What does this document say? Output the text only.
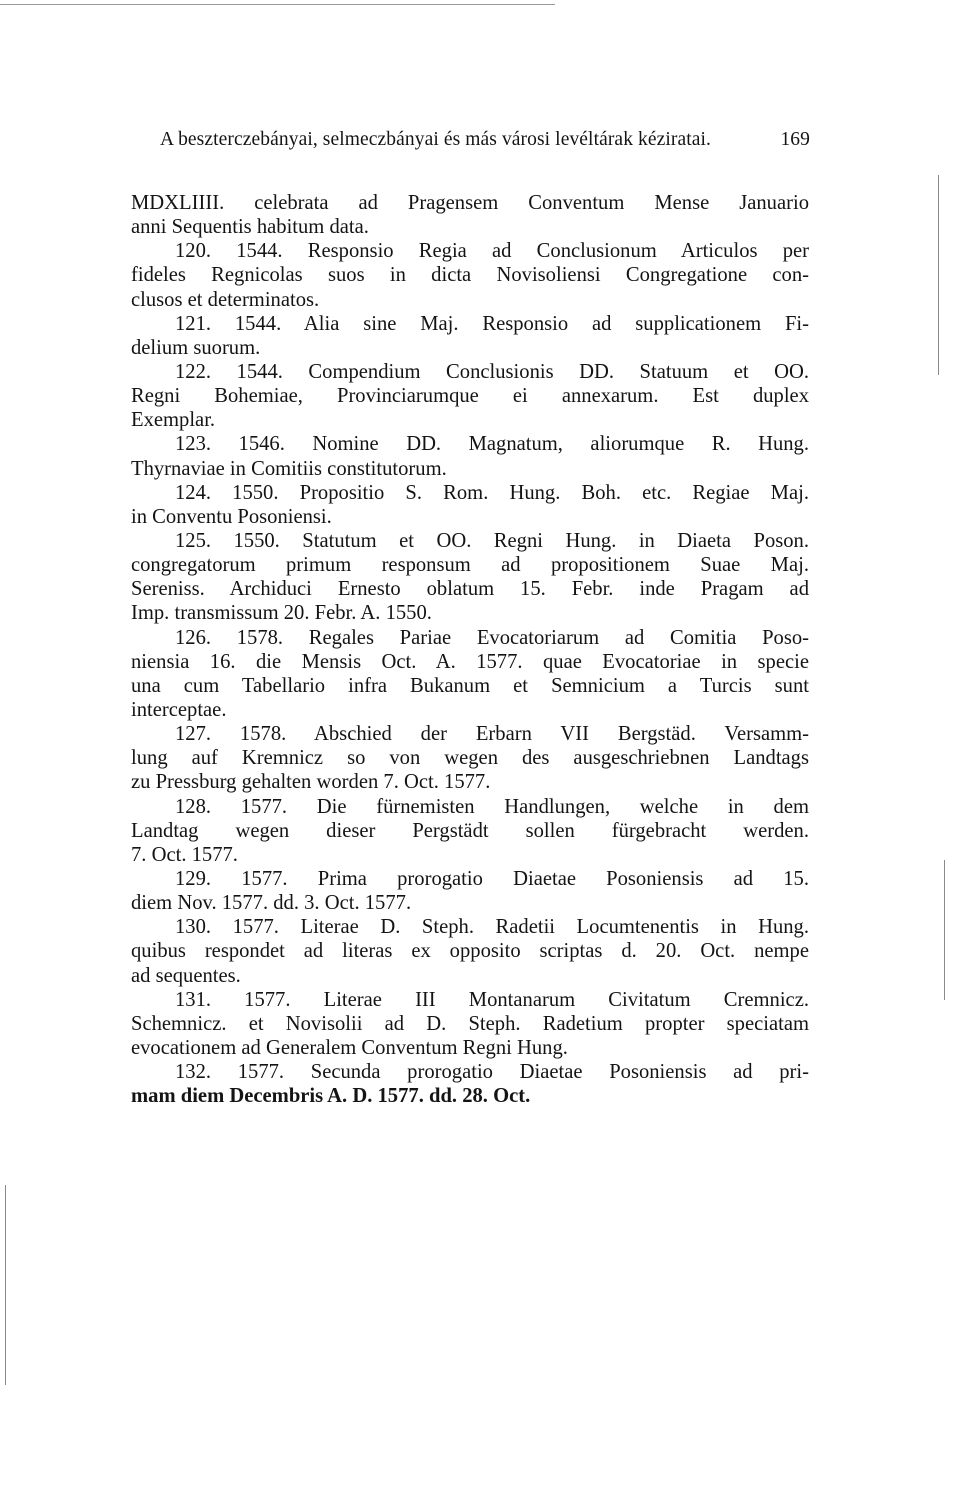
A beszterczebányai, selmeczbányai és más városi levéltárak kéziratai.	169
MDXLIIII. celebrata ad Pragensem Conventum Mense Januario
anni Sequentis habitum data.
120. 1544. Responsio Regia ad Conclusionum Articulos per
fideles Regnicolas suos in dicta Novisoliensi Congregatione con-
clusos et determinatos.
121. 1544. Alia sine Maj. Responsio ad supplicationem Fi-
delium suorum.
122. 1544. Compendium Conclusionis DD. Statuum et OO.
Regni Bohemiae, Provinciarumque ei annexarum. Est duplex
Exemplar.
123. 1546. Nomine DD. Magnatum, aliorumque R. Hung.
Thyrnaviae in Comitiis constitutorum.
124. 1550. Propositio S. Rom. Hung. Boh. etc. Regiae Maj.
in Conventu Posoniensi.
125. 1550. Statutum et OO. Regni Hung. in Diaeta Poson.
congregatorum primum responsum ad propositionem Suae Maj.
Sereniss. Archiduci Ernesto oblatum 15. Febr. inde Pragam ad
Imp. transmissum 20. Febr. A. 1550.
126. 1578. Regales Pariae Evocatoriarum ad Comitia Poso-
niensia 16. die Mensis Oct. A. 1577. quae Evocatoriae in specie
una cum Tabellario infra Bukanum et Semnicium a Turcis sunt
interceptae.
127. 1578. Abschied der Erbarn VII Bergstäd. Versamm-
lung auf Kremnicz so von wegen des ausgeschriebnen Landtags
zu Pressburg gehalten worden 7. Oct. 1577.
128. 1577. Die fürnemisten Handlungen, welche in dem
Landtag wegen dieser Pergstädt sollen fürgebracht werden.
7. Oct. 1577.
129. 1577. Prima prorogatio Diaetae Posoniensis ad 15.
diem Nov. 1577. dd. 3. Oct. 1577.
130. 1577. Literae D. Steph. Radetii Locumtenentis in Hung.
quibus respondet ad literas ex opposito scriptas d. 20. Oct. nempe
ad sequentes.
131. 1577. Literae III Montanarum Civitatum Cremnicz.
Schemnicz. et Novisolii ad D. Steph. Radetium propter speciatam
evocationem ad Generalem Conventum Regni Hung.
132. 1577. Secunda prorogatio Diaetae Posoniensis ad pri-
mam diem Decembris A. D. 1577. dd. 28. Oct.
